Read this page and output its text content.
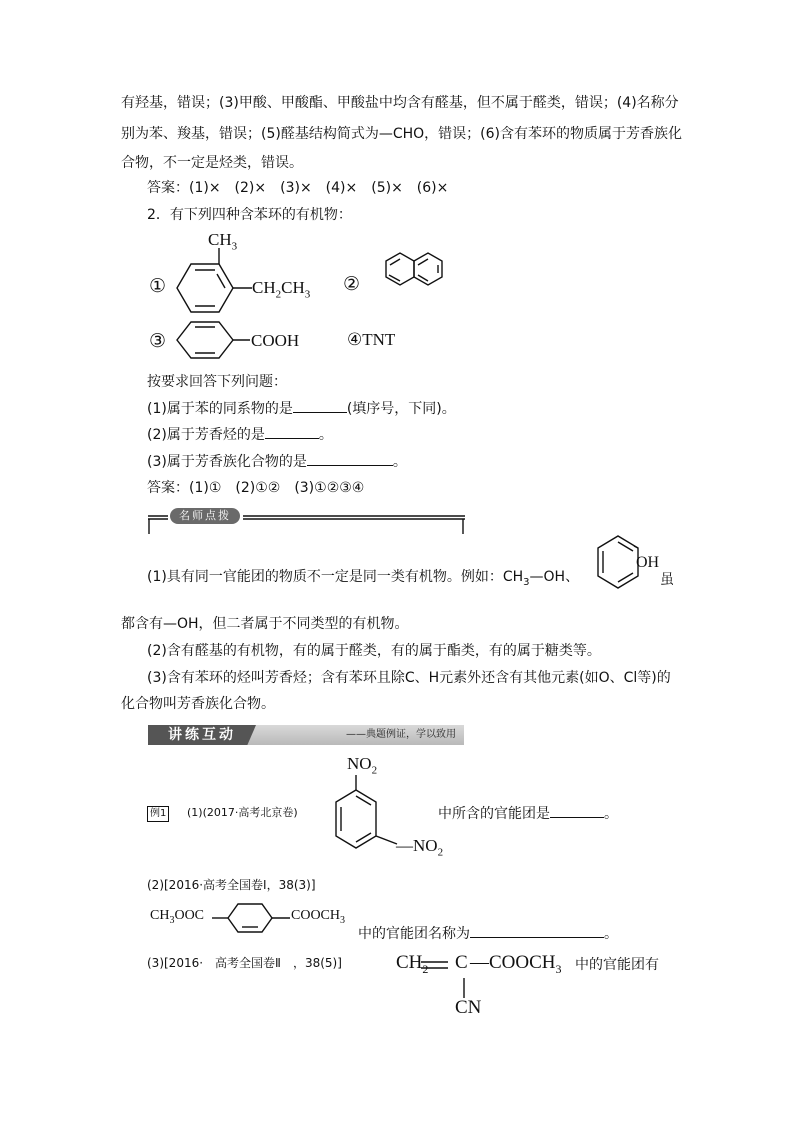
有羟基，错误；(3)甲酸、甲酸酯、甲酸盐中均含有醛基，但不属于醛类，错误；(4)名称分
别为苯、羧基，错误；(5)醛基结构简式为—CHO，错误；(6)含有苯环的物质属于芳香族化
合物，不一定是烃类，错误。
答案：(1)×　(2)×　(3)×　(4)×　(5)×　(6)×
2．有下列四种含苯环的有机物：
①
$CH_3$
$CH_2CH_3$ ②
③	COOH	④TNT
按要求回答下列问题：
(1)属于苯的同系物的是	(填序号，下同)。
(2)属于芳香烃的是	。
(3)属于芳香族化合物的是	。
答案：(1)①　(2)①②　(3)①②③④
名师点拨
(1)具有同一官能团的物质不一定是同一类有机物。例如：$CH_3—OH$、
OH
虽
都含有—OH，但二者属于不同类型的有机物。
(2)含有醛基的有机物，有的属于醛类，有的属于酯类，有的属于糖类等。
(3)含有苯环的烃叫芳香烃；含有苯环且除C、H元素外还含有其他元素(如O、Cl等)的
化合物叫芳香族化合物。
讲练互动	——典题例证，学以致用
$NO_2$
例1 (1)(2017·高考北京卷)
$—NO_2$
中所含的官能团是	。
(2)[2016·高考全国卷Ⅰ，38(3)]
$CH_3OOC$	$COOCH_3$
中的官能团名称为	。
(3)[2016·　高考全国卷Ⅱ　，38(5)]	$CH_2$ C $—COOCH_3$ 中的官能团有
CN
